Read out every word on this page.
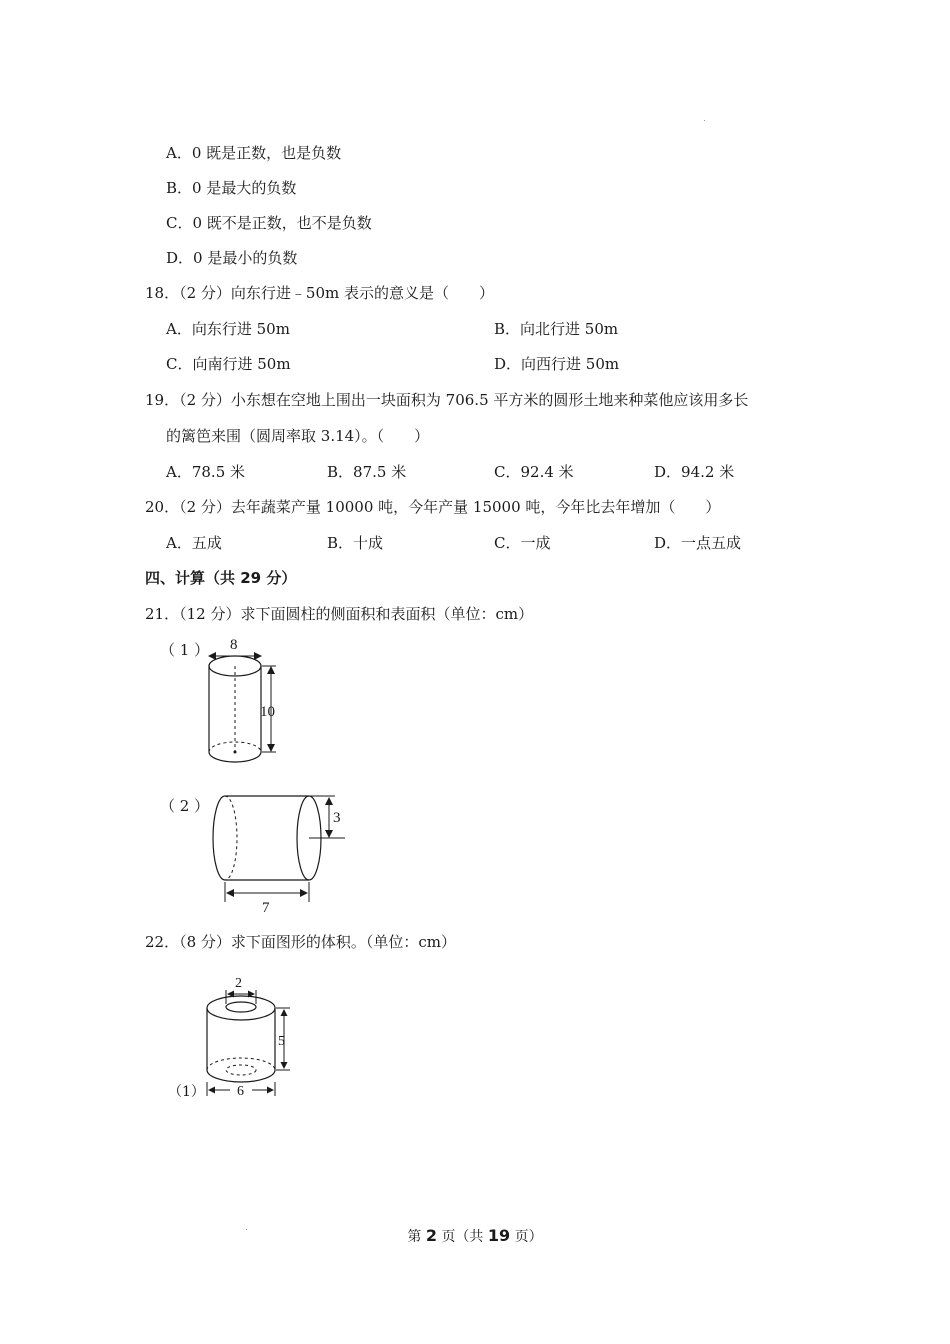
A．0 既是正数，也是负数
B．0 是最大的负数
C．0 既不是正数，也不是负数
D．0 是最小的负数
18．（2 分）向东行进﹣50m 表示的意义是（　　）
A．向东行进 50m	B．向北行进 50m
C．向南行进 50m	D．向西行进 50m
19．（2 分）小东想在空地上围出一块面积为 706.5 平方米的圆形土地来种菜他应该用多长
的篱笆来围（圆周率取 3.14）。（　　）
A．78.5 米	B．87.5 米	C．92.4 米	D．94.2 米
20．（2 分）去年蔬菜产量 10000 吨，今年产量 15000 吨，今年比去年增加（　　）
A．五成	B．十成	C．一成	D．一点五成
四、计算（共 29 分）
21．（12 分）求下面圆柱的侧面积和表面积（单位：cm）
（ 1 ） 8
10
（ 2 ）
3
7
22．（8 分）求下面图形的体积。（单位：cm）
2
5
6
（1）
第 2 页（共 19 页）
